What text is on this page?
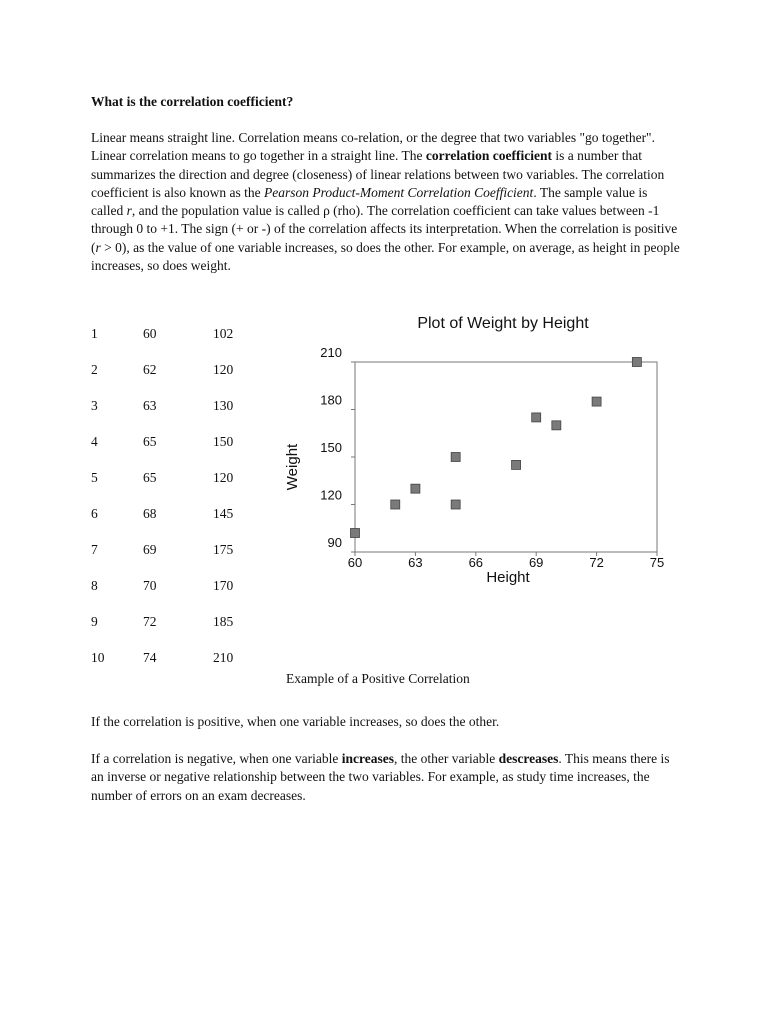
What is the correlation coefficient?

Linear means straight line. Correlation means co-relation, or the degree that two variables "go together". Linear correlation means to go together in a straight line. The correlation coefficient is a number that summarizes the direction and degree (closeness) of linear relations between two variables. The correlation coefficient is also known as the Pearson Product-Moment Correlation Coefficient. The sample value is called r, and the population value is called ρ (rho). The correlation coefficient can take values between -1 through 0 to +1. The sign (+ or -) of the correlation affects its interpretation. When the correlation is positive (r > 0), as the value of one variable increases, so does the other. For example, on average, as height in people increases, so does weight.

1	60	102
2	62	120
3	63	130
4	65	150
5	65	120
6	68	145
7	69	175
8	70	170
9	72	185
10	74	210
Plot of Weight by Height
90
120
150
180
210
60	63	66	69	72	75
Height
Weight

Example of a Positive Correlation

If the correlation is positive, when one variable increases, so does the other.

If a correlation is negative, when one variable increases, the other variable descreases. This means there is an inverse or negative relationship between the two variables. For example, as study time increases, the number of errors on an exam decreases.
